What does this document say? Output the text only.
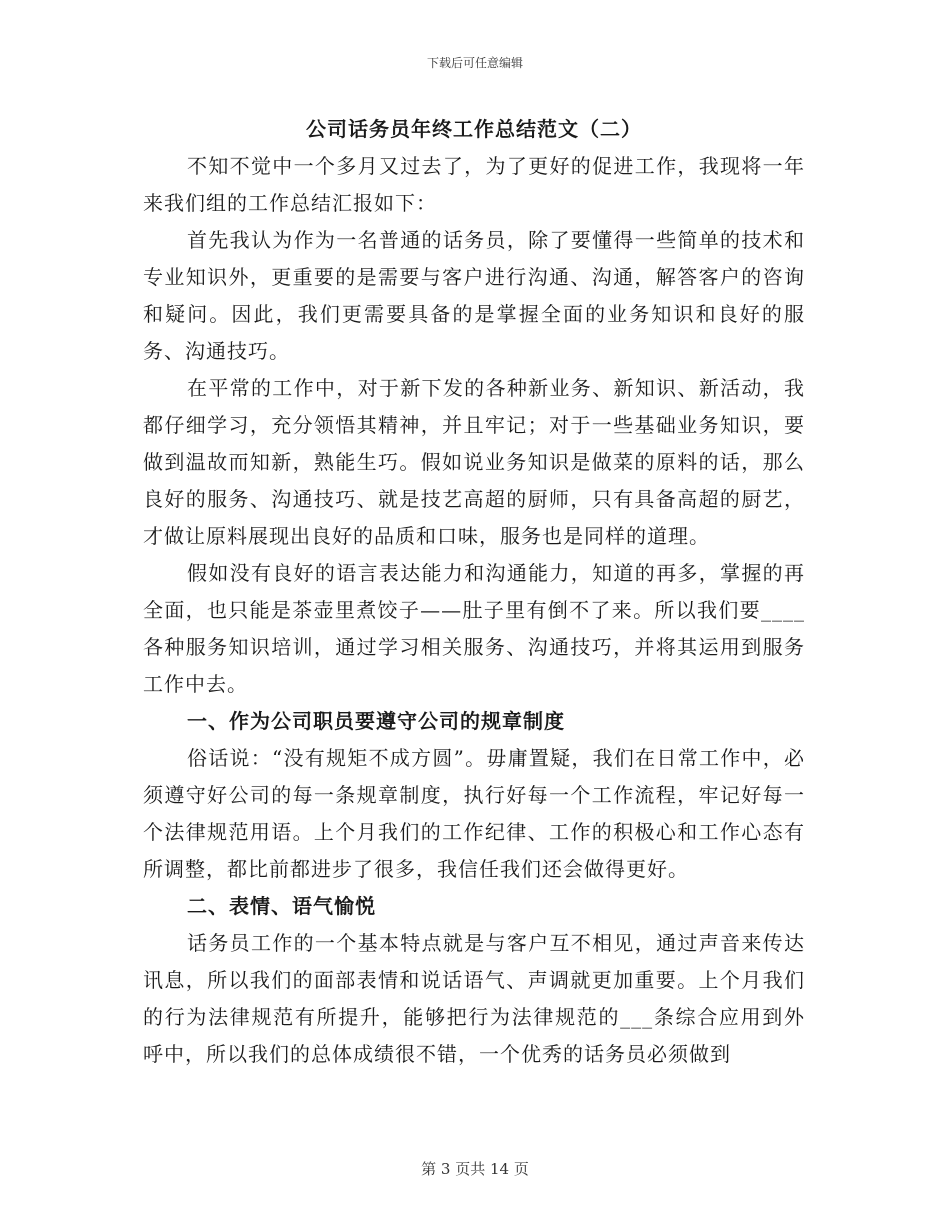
下载后可任意编辑
公司话务员年终工作总结范文（二）

不知不觉中一个多月又过去了，为了更好的促进工作，我现将一年来我们组的工作总结汇报如下：

首先我认为作为一名普通的话务员，除了要懂得一些简单的技术和专业知识外，更重要的是需要与客户进行沟通、沟通，解答客户的咨询和疑问。因此，我们更需要具备的是掌握全面的业务知识和良好的服务、沟通技巧。

在平常的工作中，对于新下发的各种新业务、新知识、新活动，我都仔细学习，充分领悟其精神，并且牢记；对于一些基础业务知识，要做到温故而知新，熟能生巧。假如说业务知识是做菜的原料的话，那么良好的服务、沟通技巧、就是技艺高超的厨师，只有具备高超的厨艺，才做让原料展现出良好的品质和口味，服务也是同样的道理。

假如没有良好的语言表达能力和沟通能力，知道的再多，掌握的再全面，也只能是茶壶里煮饺子——肚子里有倒不了来。所以我们要____各种服务知识培训，通过学习相关服务、沟通技巧，并将其运用到服务工作中去。

一、作为公司职员要遵守公司的规章制度

俗话说：“没有规矩不成方圆”。毋庸置疑，我们在日常工作中，必须遵守好公司的每一条规章制度，执行好每一个工作流程，牢记好每一个法律规范用语。上个月我们的工作纪律、工作的积极心和工作心态有所调整，都比前都进步了很多，我信任我们还会做得更好。

二、表情、语气愉悦

话务员工作的一个基本特点就是与客户互不相见，通过声音来传达讯息，所以我们的面部表情和说话语气、声调就更加重要。上个月我们的行为法律规范有所提升，能够把行为法律规范的___条综合应用到外呼中，所以我们的总体成绩很不错，一个优秀的话务员必须做到

第 3 页共 14 页
